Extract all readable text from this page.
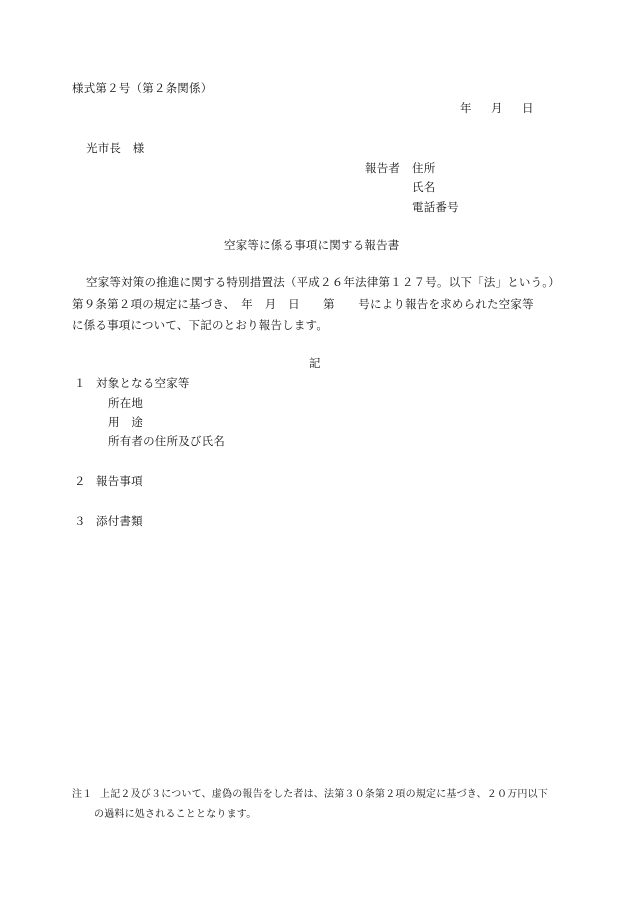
様式第２号（第２条関係）
年　月　日
光市長　様
報告者 住所
氏名
電話番号
空家等に係る事項に関する報告書
空家等対策の推進に関する特別措置法（平成２６年法律第１２７号。以下「法」という。）
第９条第２項の規定に基づき、　年　月　日　　第　　号により報告を求められた空家等
に係る事項について、下記のとおり報告します。
記
１ 対象となる空家等
所在地
用　途
所有者の住所及び氏名
２ 報告事項
３ 添付書類
注１ 上記２及び３について、虚偽の報告をした者は、法第３０条第２項の規定に基づき、２０万円以下
の過料に処されることとなります。
